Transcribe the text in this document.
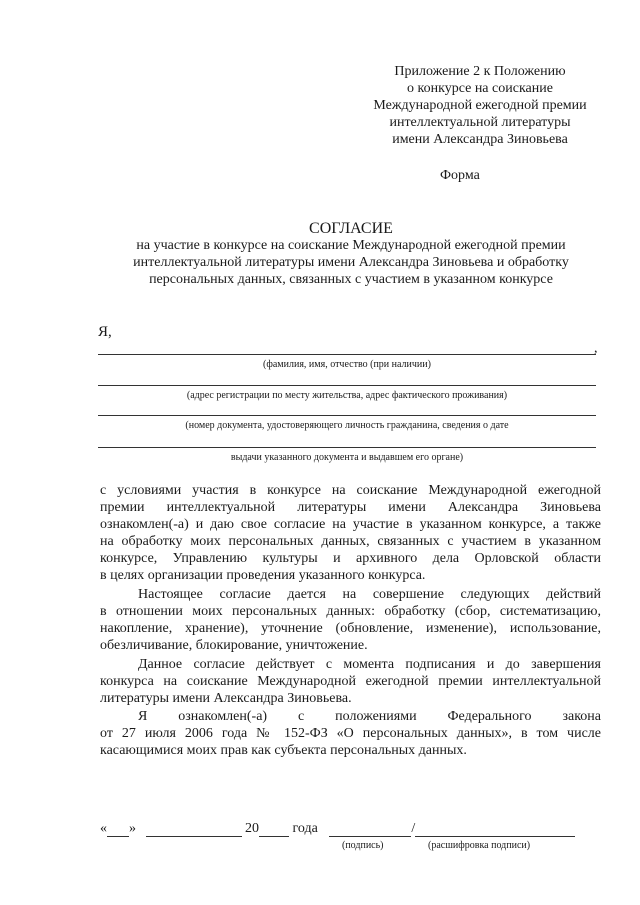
Приложение 2 к Положению
о конкурсе на соискание
Международной ежегодной премии
интеллектуальной литературы
имени Александра Зиновьева
Форма
СОГЛАСИЕ
на участие в конкурсе на соискание Международной ежегодной премии
интеллектуальной литературы имени Александра Зиновьева и обработку
персональных данных, связанных с участием в указанном конкурсе
Я,
,
(фамилия, имя, отчество (при наличии)
(адрес регистрации по месту жительства, адрес фактического проживания)
(номер документа, удостоверяющего личность гражданина, сведения о дате
выдачи указанного документа и выдавшем его органе)
с условиями участия в конкурсе на соискание Международной ежегодной
премии интеллектуальной литературы имени Александра Зиновьева
ознакомлен(-а) и даю свое согласие на участие в указанном конкурсе, а также
на обработку моих персональных данных, связанных с участием в указанном
конкурсе, Управлению культуры и архивного дела Орловской области
в целях организации проведения указанного конкурса.
Настоящее согласие дается на совершение следующих действий
в отношении моих персональных данных: обработку (сбор, систематизацию,
накопление, хранение), уточнение (обновление, изменение), использование,
обезличивание, блокирование, уничтожение.
Данное согласие действует с момента подписания и до завершения
конкурса на соискание Международной ежегодной премии интеллектуальной
литературы имени Александра Зиновьева.
Я ознакомлен(-а) с положениями Федерального закона
от 27 июля 2006 года № 152-ФЗ «О персональных данных», в том числе
касающимися моих прав как субъекта персональных данных.
« »	20 года	/
(подпись)	(расшифровка подписи)
